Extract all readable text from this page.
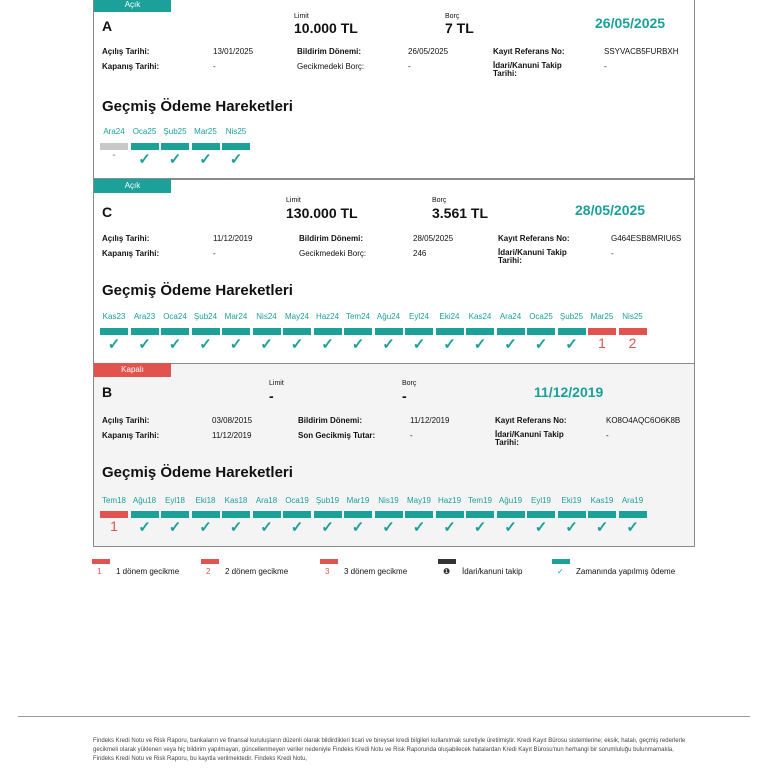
Açık
A
Limit
10.000 TL
Borç
7 TL	26/05/2025
Açılış Tarihi:	13/01/2025	Bildirim Dönemi:	26/05/2025	Kayıt Referans No:	SSYVACB5FURBXH
Kapanış Tarihi:	-	Gecikmedeki Borç:	-	İdari/Kanuni Takip Tarihi:
-
Geçmiş Ödeme Hareketleri
Ara24
-
Oca25
✓
Şub25
✓
Mar25
✓
Nis25
✓
Açık
C
Limit
130.000 TL
Borç
3.561 TL	28/05/2025
Açılış Tarihi:	11/12/2019	Bildirim Dönemi:	28/05/2025	Kayıt Referans No:	G464ESB8MRIU6S
Kapanış Tarihi:	-	Gecikmedeki Borç:	246	İdari/Kanuni Takip Tarihi:
-
Geçmiş Ödeme Hareketleri
Kas23
✓
Ara23
✓
Oca24
✓
Şub24
✓
Mar24
✓
Nis24
✓
May24
✓
Haz24
✓
Tem24
✓
Ağu24
✓
Eyl24
✓
Eki24
✓
Kas24
✓
Ara24
✓
Oca25
✓
Şub25
✓
Mar25
1
Nis25
2
Kapalı
B
Limit
-
Borç
-	11/12/2019
Açılış Tarihi:	03/08/2015	Bildirim Dönemi:	11/12/2019	Kayıt Referans No:	KO8O4AQC6O6K8B
Kapanış Tarihi:	11/12/2019	Son Gecikmiş Tutar:	-	İdari/Kanuni Takip Tarihi:
-
Geçmiş Ödeme Hareketleri
Tem18
1
Ağu18
✓
Eyl18
✓
Eki18
✓
Kas18
✓
Ara18
✓
Oca19
✓
Şub19
✓
Mar19
✓
Nis19
✓
May19
✓
Haz19
✓
Tem19
✓
Ağu19
✓
Eyl19
✓
Eki19
✓
Kas19
✓
Ara19
✓
1 1 dönem gecikme	2 2 dönem gecikme	3 3 dönem gecikme	❶ İdari/kanuni takip	✓ Zamanında yapılmış ödeme
Findeks Kredi Notu ve Risk Raporu, bankaların ve finansal kuruluşların düzenli olarak bildirdikleri ticari ve bireysel kredi bilgileri kullanılmak suretiyle üretilmiştir. Kredi Kayıt Bürosu sistemlerine; eksik, hatalı, geçmiş rederlerle gecikmeli olarak yüklenen veya hiç bildirim yapılmayan, güncellenmeyen veriler nedeniyle Findeks Kredi Notu ve Risk Raporunda oluşabilecek hatalardan Kredi Kayıt Bürosu'nun herhangi bir sorumluluğu bulunmamakla, Findeks Kredi Notu ve Risk Raporu, bu kayıtla verilmektedir. Findeks Kredi Notu,
